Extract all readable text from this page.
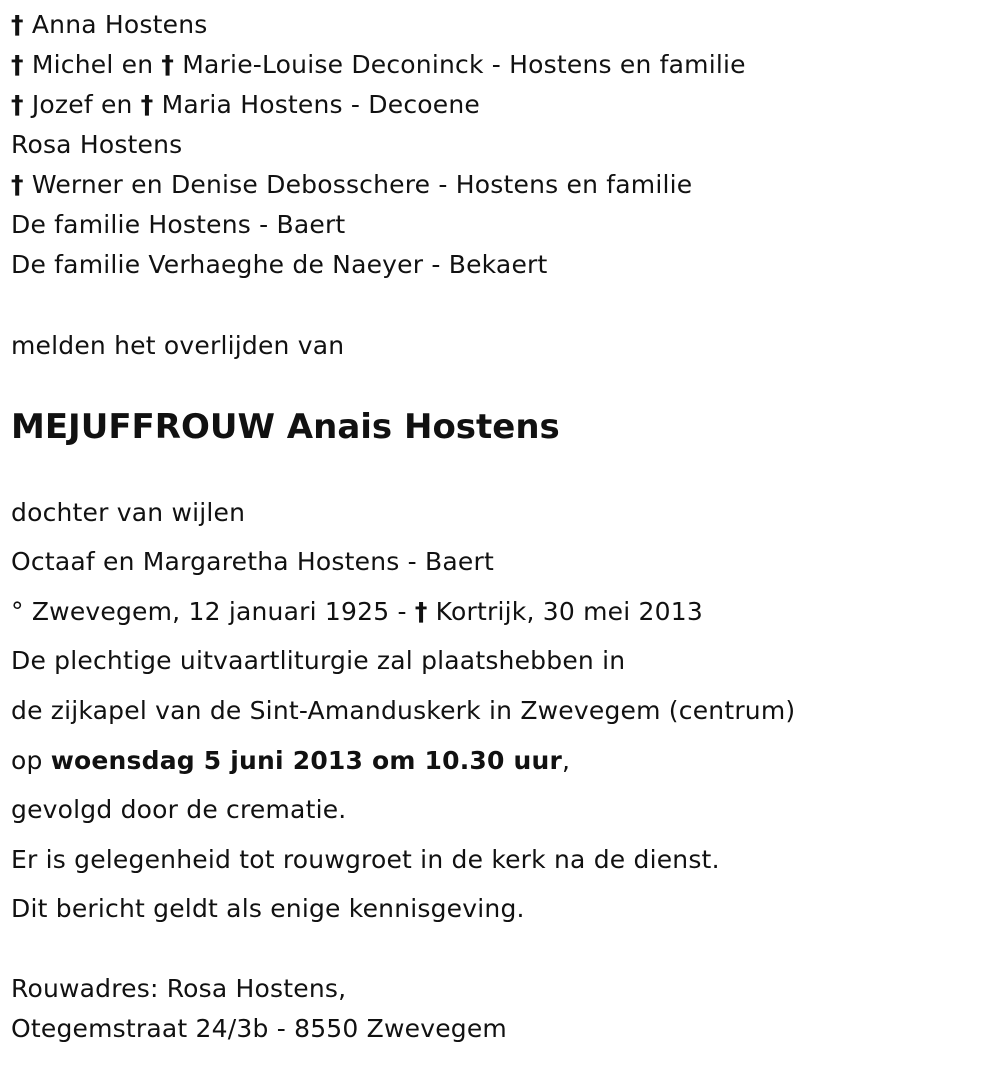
† Anna Hostens
† Michel en † Marie-Louise Deconinck - Hostens en familie
† Jozef en † Maria Hostens - Decoene
Rosa Hostens
† Werner en Denise Debosschere - Hostens en familie
De familie Hostens - Baert
De familie Verhaeghe de Naeyer - Bekaert
melden het overlijden van
MEJUFFROUW Anais Hostens
dochter van wijlen
Octaaf en Margaretha Hostens - Baert
° Zwevegem, 12 januari 1925 - † Kortrijk, 30 mei 2013
De plechtige uitvaartliturgie zal plaatshebben in
de zijkapel van de Sint-Amanduskerk in Zwevegem (centrum)
op woensdag 5 juni 2013 om 10.30 uur,
gevolgd door de crematie.
Er is gelegenheid tot rouwgroet in de kerk na de dienst.
Dit bericht geldt als enige kennisgeving.
Rouwadres: Rosa Hostens,
Otegemstraat 24/3b - 8550 Zwevegem
